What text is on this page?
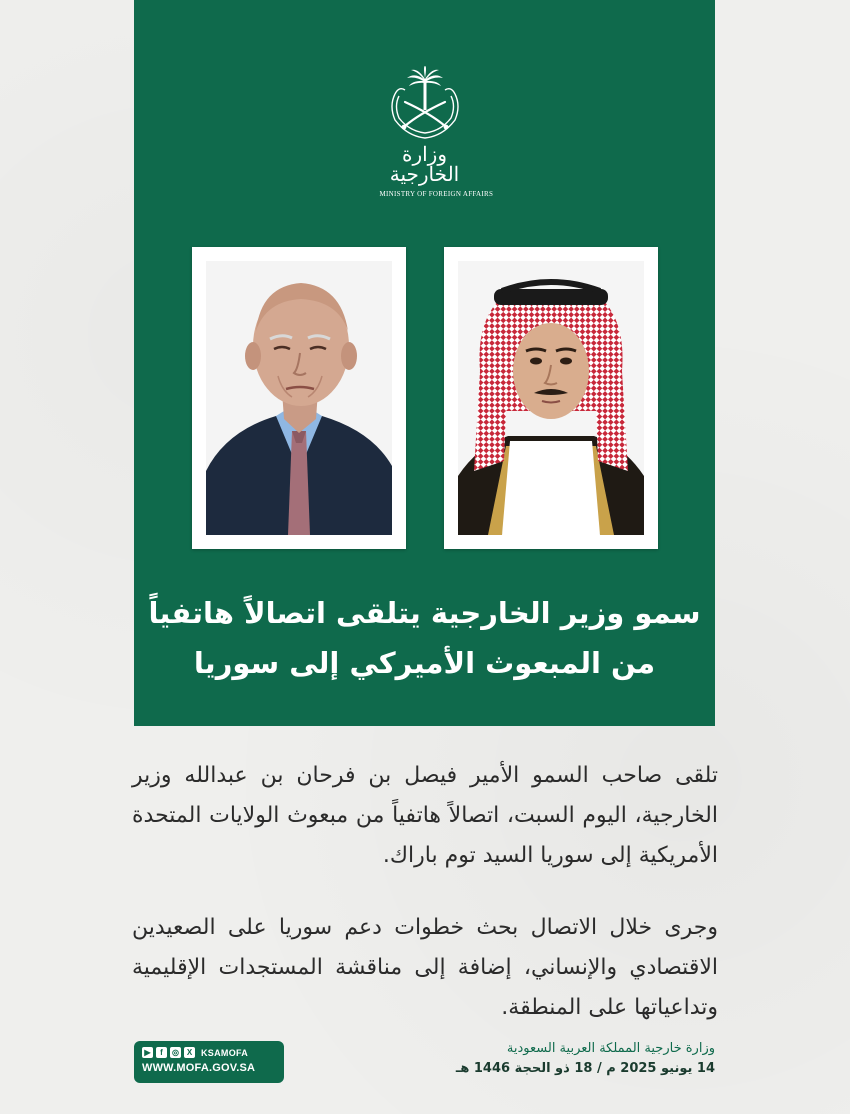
وزارة الخارجية
MINISTRY OF FOREIGN AFFAIRS
سمو وزير الخارجية يتلقى اتصالاً هاتفياً
من المبعوث الأميركي إلى سوريا

تلقى صاحب السمو الأمير فيصل بن فرحان بن عبدالله وزير الخارجية، اليوم السبت، اتصالاً هاتفياً من مبعوث الولايات المتحدة الأمريكية إلى سوريا السيد توم باراك.

وجرى خلال الاتصال بحث خطوات دعم سوريا على الصعيدين الاقتصادي والإنساني، إضافة إلى مناقشة المستجدات الإقليمية وتداعياتها على المنطقة.

▶	f	◎ X KSAMOFA
WWW.MOFA.GOV.SA
وزارة خارجية المملكة العربية السعودية
14 يونيو 2025 م / 18 ذو الحجة 1446 هـ
